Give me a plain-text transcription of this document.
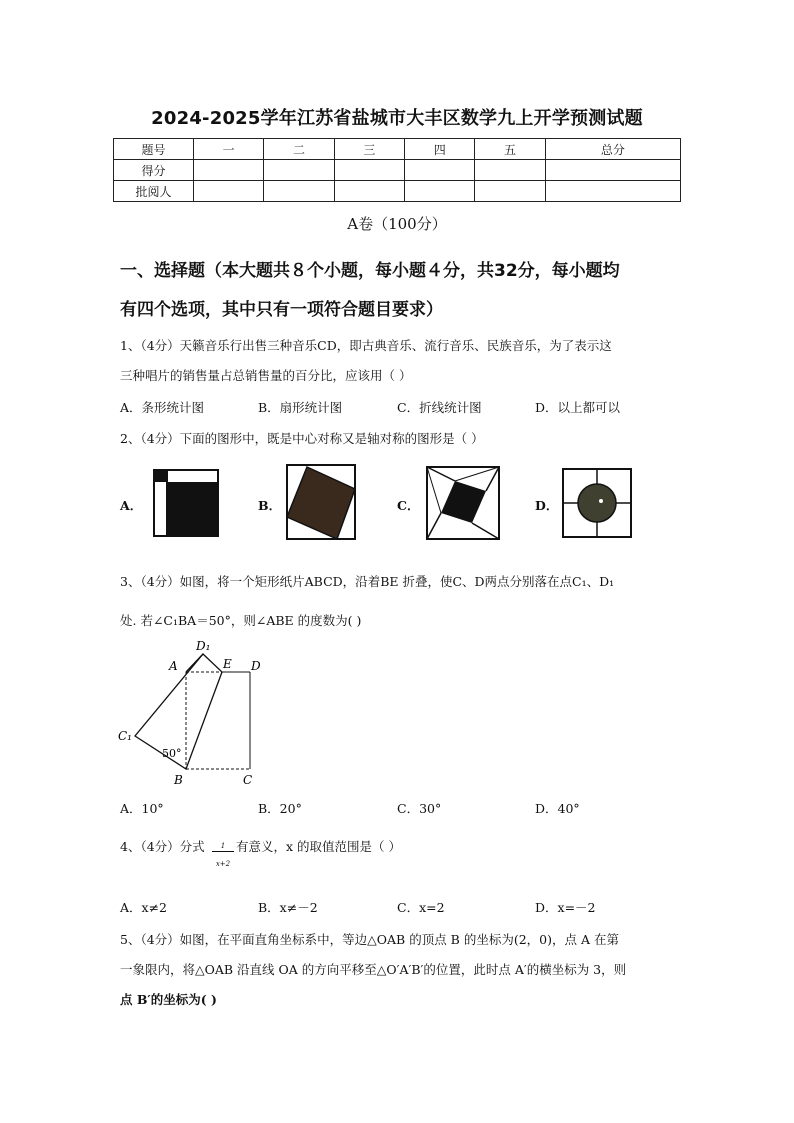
2024-2025学年江苏省盐城市大丰区数学九上开学预测试题
题号	一	二	三	四	五	总分
得分						
批阅人						
A卷（100分）
一、选择题（本大题共８个小题，每小题４分，共32分，每小题均
有四个选项，其中只有一项符合题目要求）
1、（4分）天籁音乐行出售三种音乐CD，即古典音乐、流行音乐、民族音乐，为了表示这
三种唱片的销售量占总销售量的百分比，应该用（ ）
A．条形统计图	B．扇形统计图	C．折线统计图	D．以上都可以
2、（4分）下面的图形中，既是中心对称又是轴对称的图形是（ ）
A．	B．	C．	D．
3、（4分）如图，将一个矩形纸片ABCD，沿着BE 折叠，使C、D两点分别落在点C₁、D₁
处. 若∠C₁BA＝50°，则∠ABE 的度数为( )
A
D₁
E D
C₁
50°
B	C
A．10°	B．20°	C．30°	D．40°
4、（4分）分式 $\frac{1}{x+2}$ 有意义，x 的取值范围是（ ）
A．x≠2	B．x≠－2	C．x=2	D．x=－2
5、（4分）如图，在平面直角坐标系中，等边△OAB 的顶点 B 的坐标为(2，0)，点 A 在第
一象限内，将△OAB 沿直线 OA 的方向平移至△O′A′B′的位置，此时点 A′的横坐标为 3，则
点 B′的坐标为( )
